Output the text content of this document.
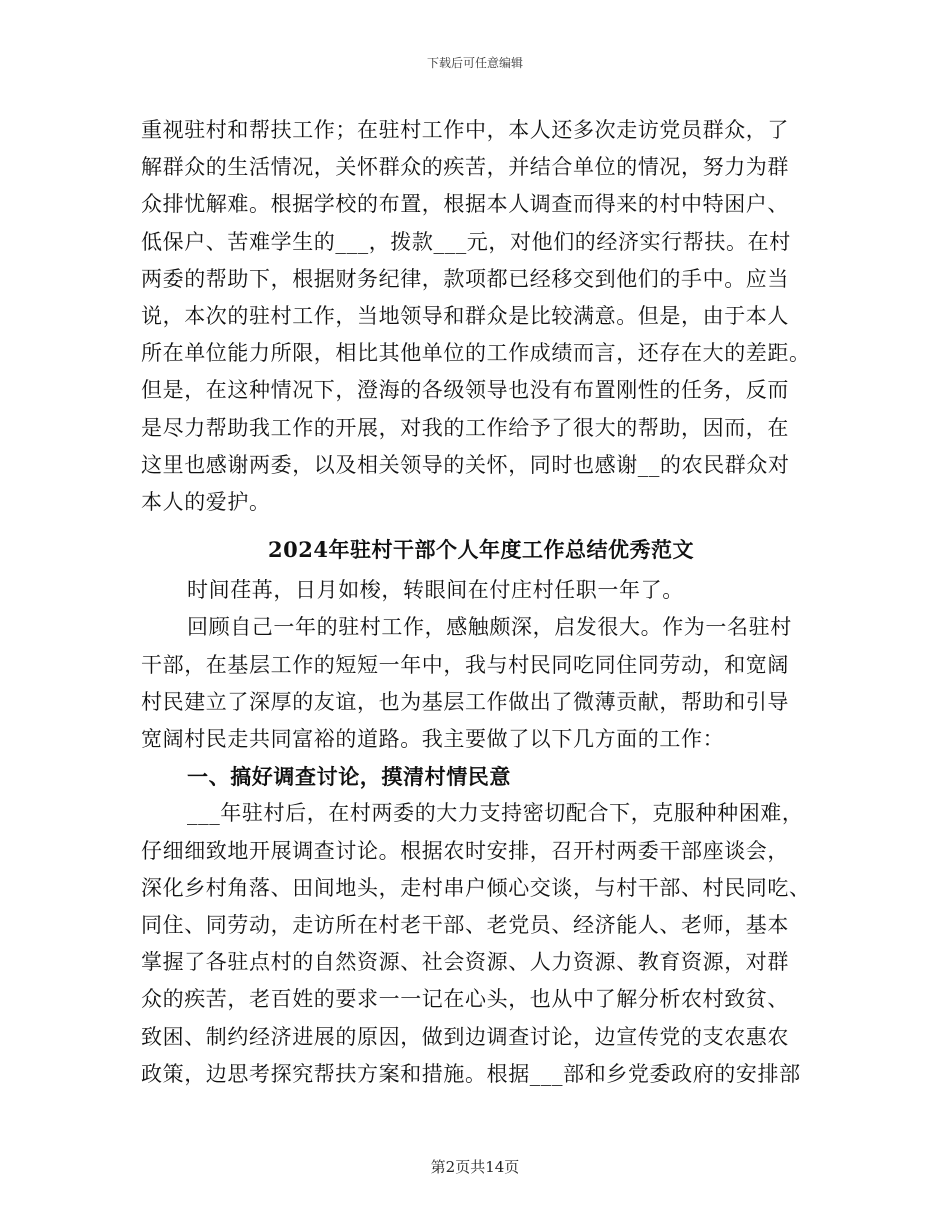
下载后可任意编辑
重视驻村和帮扶工作；在驻村工作中，本人还多次走访党员群众，了
解群众的生活情况，关怀群众的疾苦，并结合单位的情况，努力为群
众排忧解难。根据学校的布置，根据本人调查而得来的村中特困户、
低保户、苦难学生的___，拨款___元，对他们的经济实行帮扶。在村
两委的帮助下，根据财务纪律，款项都已经移交到他们的手中。应当
说，本次的驻村工作，当地领导和群众是比较满意。但是，由于本人
所在单位能力所限，相比其他单位的工作成绩而言，还存在大的差距。
但是，在这种情况下，澄海的各级领导也没有布置刚性的任务，反而
是尽力帮助我工作的开展，对我的工作给予了很大的帮助，因而，在
这里也感谢两委，以及相关领导的关怀，同时也感谢__的农民群众对
本人的爱护。
2024年驻村干部个人年度工作总结优秀范文
时间荏苒，日月如梭，转眼间在付庄村任职一年了。
回顾自己一年的驻村工作，感触颇深，启发很大。作为一名驻村
干部，在基层工作的短短一年中，我与村民同吃同住同劳动，和宽阔
村民建立了深厚的友谊，也为基层工作做出了微薄贡献，帮助和引导
宽阔村民走共同富裕的道路。我主要做了以下几方面的工作：
一、搞好调查讨论，摸清村情民意
___年驻村后，在村两委的大力支持密切配合下，克服种种困难，
仔细细致地开展调查讨论。根据农时安排，召开村两委干部座谈会，
深化乡村角落、田间地头，走村串户倾心交谈，与村干部、村民同吃、
同住、同劳动，走访所在村老干部、老党员、经济能人、老师，基本
掌握了各驻点村的自然资源、社会资源、人力资源、教育资源，对群
众的疾苦，老百姓的要求一一记在心头，也从中了解分析农村致贫、
致困、制约经济进展的原因，做到边调查讨论，边宣传党的支农惠农
政策，边思考探究帮扶方案和措施。根据___部和乡党委政府的安排部
第2页共14页
